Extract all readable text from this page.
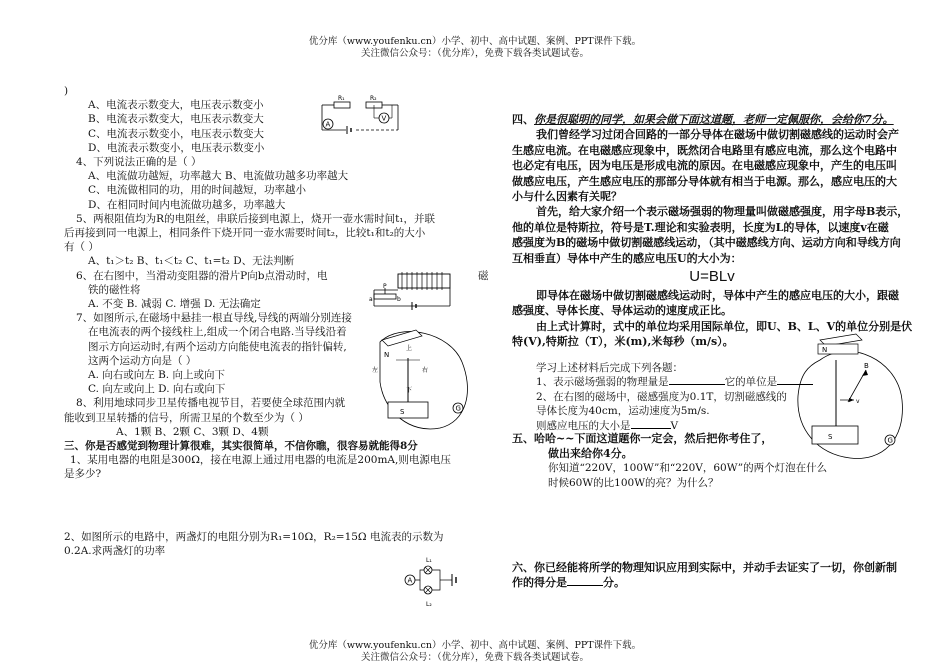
优分库（www.youfenku.cn）小学、初中、高中试题、案例、PPT课件下载。
关注微信公众号：（优分库），免费下载各类试题试卷。

)

A、电流表示数变大，电压表示数变小

B、电流表示数变大，电压表示数变大

C、电流表示数变小，电压表示数变大

D、电流表示数变小，电压表示数变小

4、下列说法正确的是（ ）

A、电流做功越短，功率越大 B、电流做功越多功率越大

C、电流做相同的功，用的时间越短，功率越小

D、在相同时间内电流做功越多，功率越大

5、两根阻值均为R的电阻丝，串联后接到电源上，烧开一壶水需时间t₁，并联

后再接到同一电源上，相同条件下烧开同一壶水需要时间t₂，比较t₁和t₂的大小

有（ ）

A、t₁＞t₂ B、t₁＜t₂ C、t₁=t₂ D、无法判断

6、在右图中，当滑动变阻器的滑片P向b点滑动时，电	磁

铁的磁性将

A. 不变 B. 减弱 C. 增强 D. 无法确定

7、如图所示,在磁场中悬挂一根直导线,导线的两端分别连接

在电流表的两个接线柱上,组成一个闭合电路.当导线沿着

图示方向运动时,有两个运动方向能使电流表的指针偏转,

这两个运动方向是（ ）

A. 向右或向左 B. 向上或向下

C. 向左或向上 D. 向右或向下

8、利用地球同步卫星传播电视节目，若要使全球范围内就

能收到卫星转播的信号，所需卫星的个数至少为（ ）

A、1颗 B、2颗 C、3颗 D、4颗

三、你是否感觉到物理计算很难，其实很简单，不信你瞧，很容易就能得8分

1、某用电器的电阻是300Ω，接在电源上通过用电器的电流是200mA,则电源电压

是多少?

2、如图所示的电路中，两盏灯的电阻分别为R₁=10Ω，R₂=15Ω 电流表的示数为

0.2A.求两盏灯的功率

R₁	R₂
A
V
a
P
b
N
左	右
上
下
S	G
L₁
L₂
A

四、你是很聪明的同学，如果会做下面这道题，老师一定佩服你，会给你7分。

我们曾经学习过闭合回路的一部分导体在磁场中做切割磁感线的运动时会产

生感应电流。在电磁感应现象中，既然闭合电路里有感应电流，那么这个电路中

也必定有电压，因为电压是形成电流的原因。在电磁感应现象中，产生的电压叫

做感应电压，产生感应电压的那部分导体就有相当于电源。那么，感应电压的大

小与什么因素有关呢？

首先，给大家介绍一个表示磁场强弱的物理量叫做磁感强度，用字母B表示，

他的单位是特斯拉，符号是T.理论和实验表明，长度为L的导体，以速度v在磁

感强度为B的磁场中做切割磁感线运动，（其中磁感线方向、运动方向和导线方向

互相垂直）导体中产生的感应电压U的大小为：

U=BLv

即导体在磁场中做切割磁感线运动时，导体中产生的感应电压的大小，跟磁

感强度、导体长度、导体运动的速度成正比。

由上式计算时，式中的单位均采用国际单位，即U、B、L、V的单位分别是伏

特(V),特斯拉（T），米(m),米每秒（m/s）。

学习上述材料后完成下列各题：

1、表示磁场强弱的物理量是	它的单位是

2、在右图的磁场中，磁感强度为0.1T，切割磁感线的

导体长度为40cm，运动速度为5m/s.

则感应电压的大小是	V

五、哈哈~~下面这道题你一定会，然后把你考住了，

做出来给你4分。

你知道“220V，100W”和“220V，60W”的两个灯泡在什么

时候60W的比100W的亮？为什么？

六、你已经能将所学的物理知识应用到实际中，并动手去证实了一切，你创新制

作的得分是	分。

N
B
v
S	G
优分库（www.youfenku.cn）小学、初中、高中试题、案例、PPT课件下载。
关注微信公众号：（优分库），免费下载各类试题试卷。
